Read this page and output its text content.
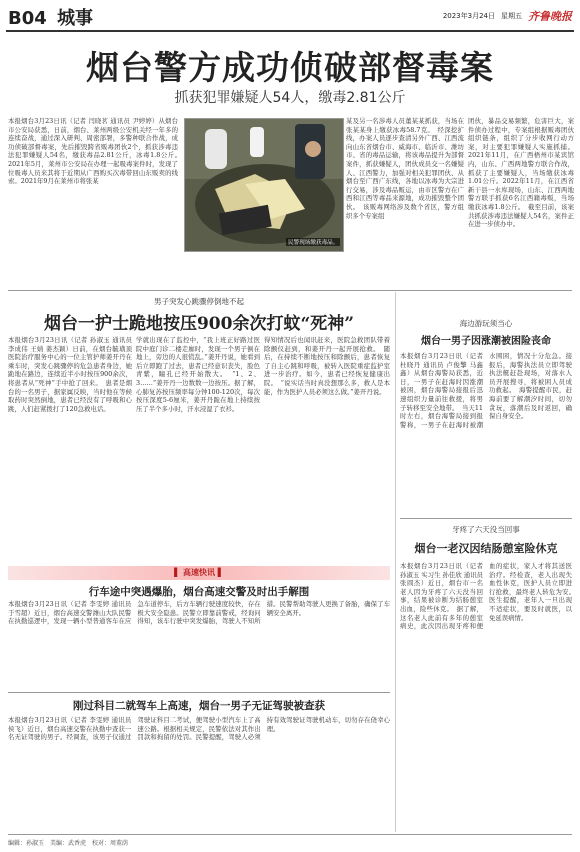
B04 城事	2023年3月24日 星期五 齐鲁晚报
烟台警方成功侦破部督毒案
抓获犯罪嫌疑人54人，缴毒2.81公斤
本报烟台3月23日讯（记者 闫晓茗 通讯员 尹婷婷）从烟台市公安局获悉，日前，烟台、莱州两级公安机关经一年多的连续奋战，通过深入研判、周密部署，多警种联合作战，成功侦破部督毒案，先后摧毁跨省贩毒团伙2个，抓获涉毒违法犯罪嫌疑人54名，缴获毒品2.81公斤，冰毒1.8公斤。　2021年5月，莱州市公安局在办理一起吸毒案件时，发现了位吸毒人员来其将于近期从广西购买次毒带回山东贩卖的线索。2021年9月在莱州市将张某
民警现场缴获毒品。
某及另一名涉毒人员董某某抓获，当场在张某某身上缴获冰毒58.7克。　经深挖扩线，办案人员逐步查清另外广西、江西流向山东省烟台市、威海市、临沂市、潍坊市、省的毒品运输，将该毒品提升为部督案件，抓获嫌疑人，团伙成员交一名嫌疑人、江西警力，加强对相关犯罪团伙、从烟台至广西广东线，各地以冰毒为大宗进行交易，涉及毒品贩运，由市区警方在广西和江西等毒品来源地，成功摧毁整个团伙。　该贩毒网络涉及数个省区，警方组织多个专案组
团伙，暴品交易频繁，危害巨大，案件侦办过程中，专案组根据贩毒团伙组织链条，组织了分步收网行动方案，对主要犯罪嫌疑人实施抓捕。2021年11月，在广西梧州市某宾馆内，山东、广西两地警方联合作战，抓获了主要嫌疑人，当场缴获冰毒1.01公斤。2022年11月，在江西省新干县一水库现场，山东、江西两地警方联手抓获6名江西籍毒贩，当场缴获冰毒1.8公斤。　截至目前，该案共抓获涉毒违法嫌疑人54名，案件正在进一步侦办中。
男子突发心跳骤停倒地不起
烟台一护士跪地按压900余次打蚊“死神”
本报烟台3月23日讯（记者 孙淑玉 通讯员 李成伟 王婧 姜杰颖）日前，在烟台毓璜顶医院治疗服务中心的一位主管护师姜开丹在乘车时，突发心跳骤停的危急患者身边，她跪地在路边，连续近半小时按压900余次，将患者从“死神”手中抢了回来。　患者是烟台的一名男子，据家属反映，当时他在等候取药时突然倒地，患者已经没有了呼吸和心跳，人们赶紧拨打了120急救电话。
学就出现在了监控中，“我上班正好路过医院中庭门诊二楼走廊时，发现一个男子倒在地上，旁边的人很慌乱。”姜开丹说，她看到后立即跑了过去，患者已经意识丧失，脸色青紫，瞳孔已经开始散大。　“1、2、3……”姜开丹一边数数一边按压。据了解，心肺复苏按压频率每分钟100-120次，每次按压深度5-6厘米，姜开丹跪在地上持续按压了半个多小时，汗水浸湿了衣衫。
得知情况后也闻讯赶来，医院急救团队带着除颤仪赶到，和姜开丹一起开展抢救。　随后，在持续不断地按压和除颤后，患者恢复了自主心跳和呼吸，被转入医院重症监护室进一步治疗。如今，患者已经恢复健康出院。　“说实话当时真没想那么多，救人是本能，作为医护人员必须这么做。”姜开丹说。
海边游玩须当心
烟台一男子因涨潮被困险丧命
本报烟台3月23日讯（记者 杜晓丹 通讯员 卢俊擎 马鑫鑫）从烟台海警局获悉，近日，一男子在赶海时因涨潮被困，烟台海警局接报后迅速组织力量前往救援，将男子转移至安全地带。　当天11时左右，烟台海警局接到报警称，一男子在赶海时被潮水围困，情况十分危急。接报后，海警执法员立即驾驶执法艇赶赴现场，对落水人员开展搜寻，将被困人员成功救起。　海警提醒市民，赶海前要了解潮汐时间，切勿贪玩，落潮后及时返回，确保自身安全。
牙疼了六天没当回事
烟台一老汉因结肠憩室险休克
本报烟台3月23日讯（记者 孙淑玉 实习生 孙佳欣 通讯员 张圆杰）近日，烟台市一名老人因为牙疼了六天没当回事，结果被诊断为结肠憩室出血，险些休克。　据了解，这名老人此前有多年的憩室病史，此次因出现牙疼和便血的症状，家人才将其送医治疗。经检查，老人出现失血性休克，医护人员立即进行抢救，最终老人转危为安。　医生提醒，老年人一旦出现不适症状，要及时就医，以免延误病情。
▌ 高速快讯 ▌
行车途中突遇爆胎，烟台高速交警及时出手解围
本报烟台3月23日讯（记者 李雯婷 通讯员 于雪超）近日，烟台高速交警潍山大队民警在执勤巡逻中，发现一辆小型普通客车在应急车道停车，后方车辆行驶速度较快，存在极大安全隐患。民警立即靠前警戒，经询问得知，该车行驶中突发爆胎，驾驶人不知所措。民警帮助驾驶人更换了备胎，确保了车辆安全离开。
刚过科目二就驾车上高速，烟台一男子无证驾驶被查获
本报烟台3月23日讯（记者 李雯婷 通讯员 侯飞）近日，烟台高速交警在执勤中查获一名无证驾驶的男子。经调查，该男子仅通过驾驶证科目二考试，便驾驶小型汽车上了高速公路。根据相关规定，民警依法对其作出罚款和拘留的处罚。民警提醒，驾驶人必须持有效驾驶证驾驶机动车，切勿存在侥幸心理。
编辑：孙淑玉　美编：武香虎　校对：周董荫
